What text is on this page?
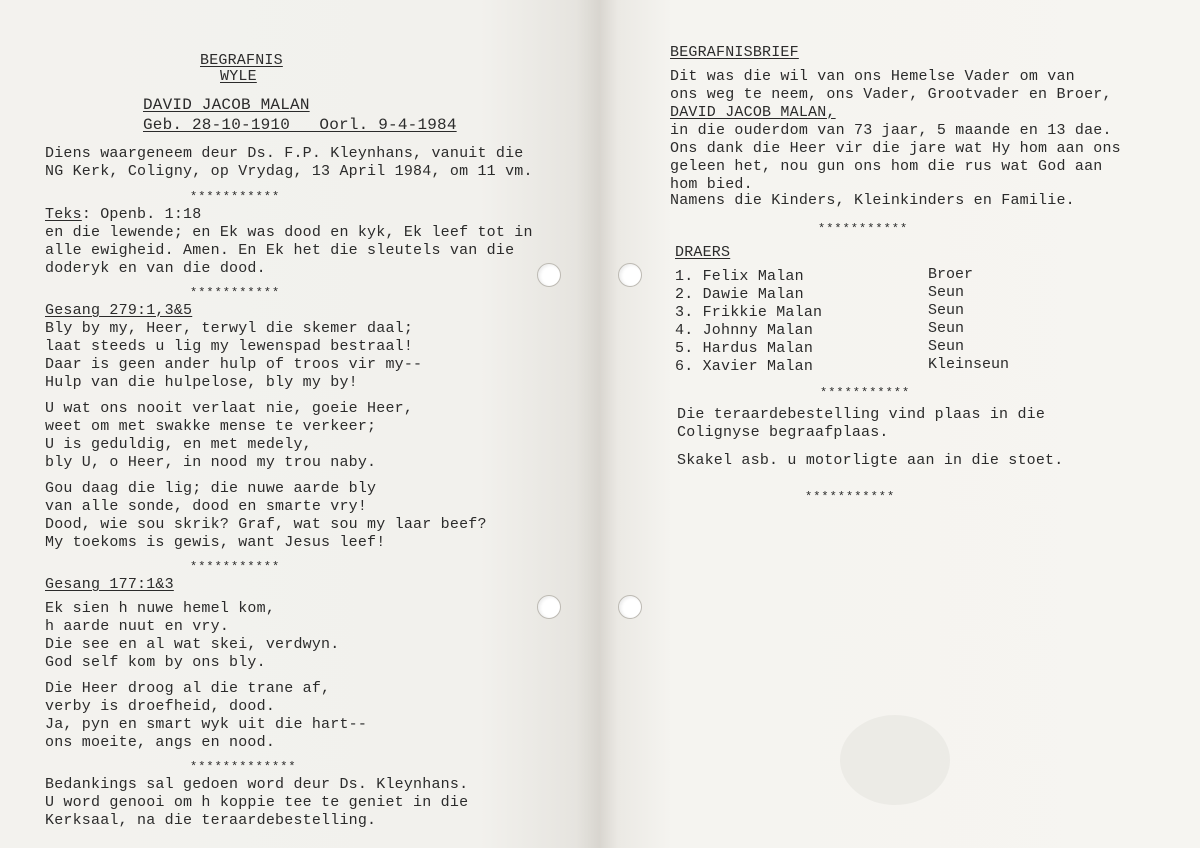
BEGRAFNIS
WYLE
DAVID JACOB MALAN
Geb. 28-10-1910   Oorl. 9-4-1984
Diens waargeneem deur Ds. F.P. Kleynhans, vanuit die
NG Kerk, Coligny, op Vrydag, 13 April 1984, om 11 vm.
***********
Teks: Openb. 1:18
en die lewende; en Ek was dood en kyk, Ek leef tot in
alle ewigheid. Amen. En Ek het die sleutels van die
doderyk en van die dood.
***********
Gesang 279:1,3&5
Bly by my, Heer, terwyl die skemer daal;
laat steeds u lig my lewenspad bestraal!
Daar is geen ander hulp of troos vir my--
Hulp van die hulpelose, bly my by!
U wat ons nooit verlaat nie, goeie Heer,
weet om met swakke mense te verkeer;
U is geduldig, en met medely,
bly U, o Heer, in nood my trou naby.
Gou daag die lig; die nuwe aarde bly
van alle sonde, dood en smarte vry!
Dood, wie sou skrik? Graf, wat sou my laar beef?
My toekoms is gewis, want Jesus leef!
***********
Gesang 177:1&3
Ek sien h nuwe hemel kom,
h aarde nuut en vry.
Die see en al wat skei, verdwyn.
God self kom by ons bly.
Die Heer droog al die trane af,
verby is droefheid, dood.
Ja, pyn en smart wyk uit die hart--
ons moeite, angs en nood.
*************
Bedankings sal gedoen word deur Ds. Kleynhans.
U word genooi om h koppie tee te geniet in die
Kerksaal, na die teraardebestelling.
BEGRAFNISBRIEF
Dit was die wil van ons Hemelse Vader om van
ons weg te neem, ons Vader, Grootvader en Broer,
DAVID JACOB MALAN,
in die ouderdom van 73 jaar, 5 maande en 13 dae.
Ons dank die Heer vir die jare wat Hy hom aan ons
geleen het, nou gun ons hom die rus wat God aan
hom bied.
Namens die Kinders, Kleinkinders en Familie.
***********
DRAERS
1. Felix Malan	Broer
2. Dawie Malan	Seun
3. Frikkie Malan	Seun
4. Johnny Malan	Seun
5. Hardus Malan	Seun
6. Xavier Malan	Kleinseun
***********
Die teraardebestelling vind plaas in die
Colignyse begraafplaas.
Skakel asb. u motorligte aan in die stoet.
***********
